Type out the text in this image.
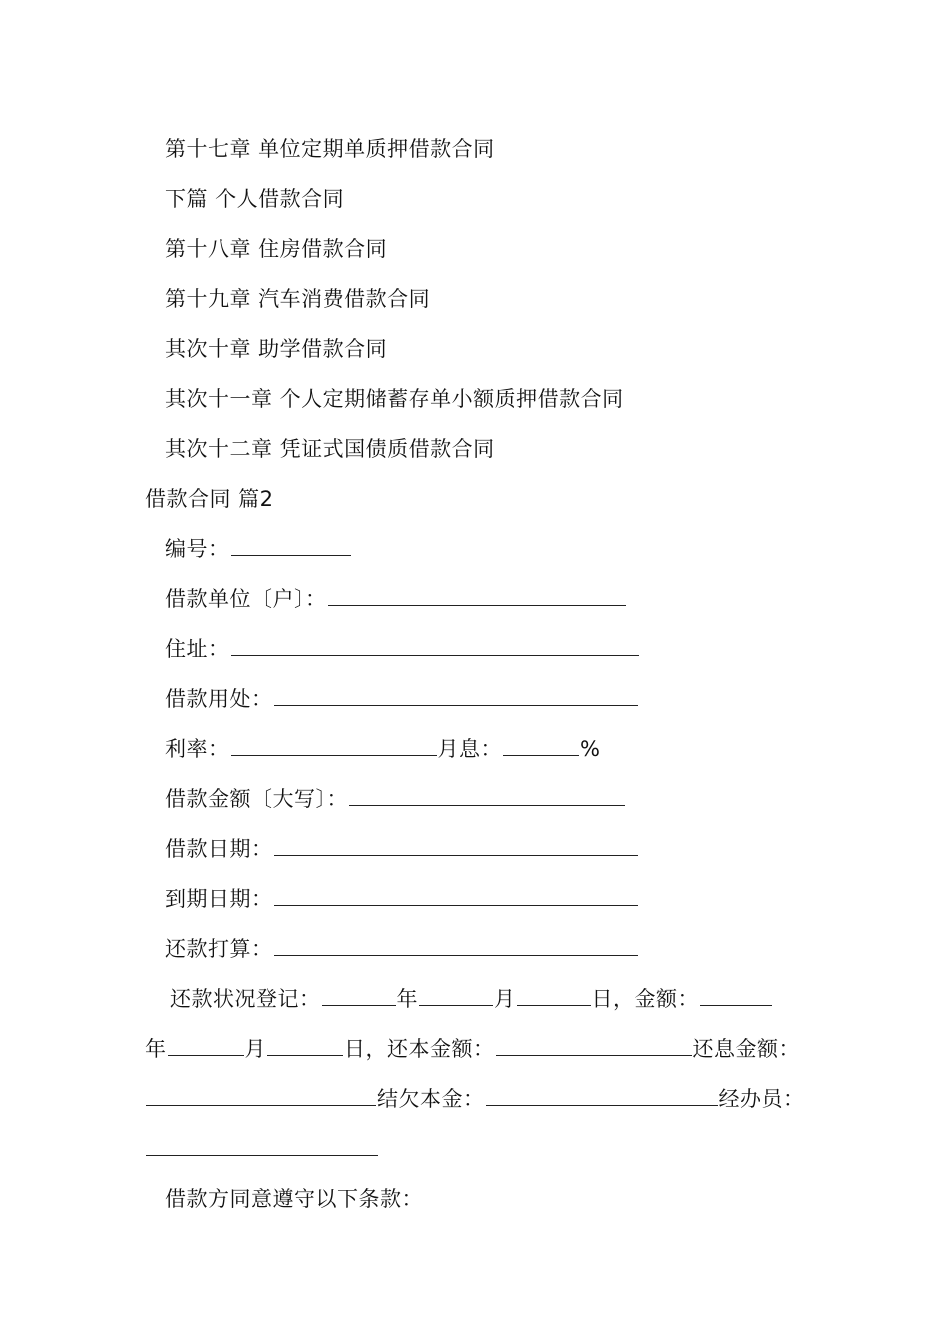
第十七章 单位定期单质押借款合同
下篇 个人借款合同
第十八章 住房借款合同
第十九章 汽车消费借款合同
其次十章 助学借款合同
其次十一章 个人定期储蓄存单小额质押借款合同
其次十二章 凭证式国债质借款合同
借款合同 篇2
编号：
借款单位〔户〕：
住址：
借款用处：
利率：	月息：	%
借款金额〔大写〕：
借款日期：
到期日期：
还款打算：
还款状况登记：	年	月	日，金额：
年	月	日，还本金额：	还息金额：
结欠本金：	经办员：
借款方同意遵守以下条款：
